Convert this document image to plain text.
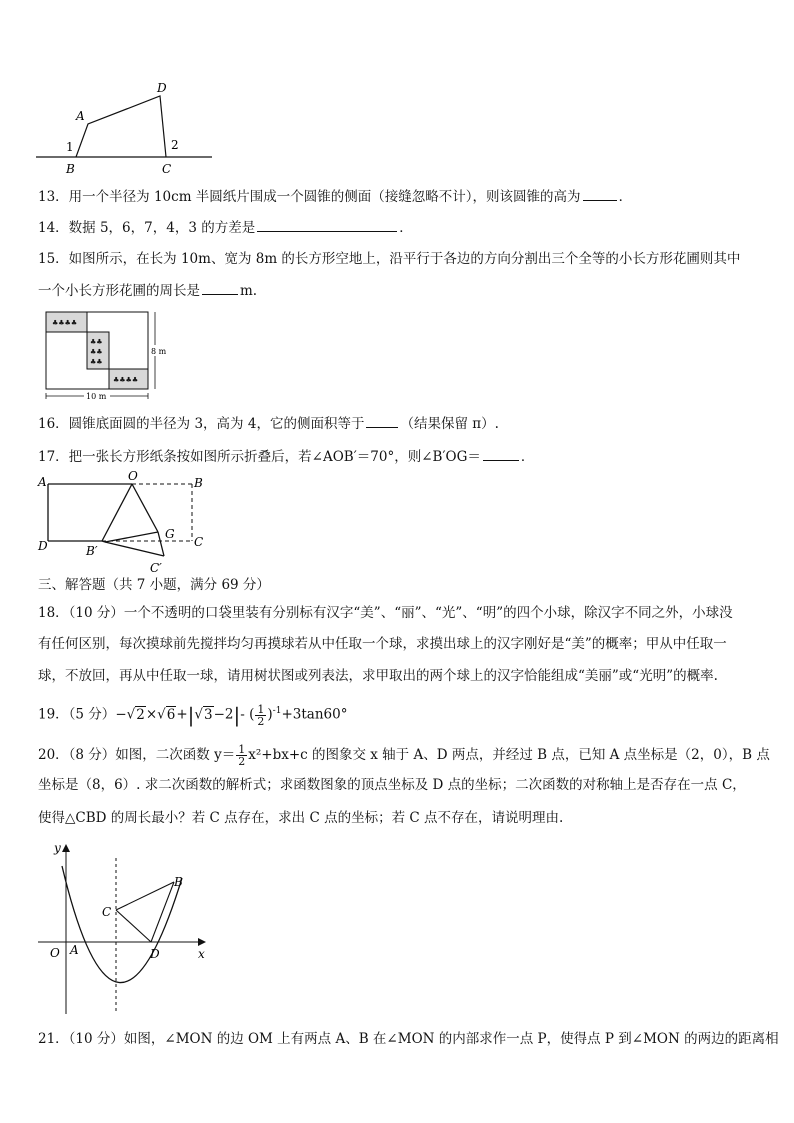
A
D
B	C
1	2
13．用一个半径为 10cm 半圆纸片围成一个圆锥的侧面（接缝忽略不计），则该圆锥的高为	．
14．数据 5，6，7，4，3 的方差是	．
15．如图所示，在长为 10m、宽为 8m 的长方形空地上，沿平行于各边的方向分割出三个全等的小长方形花圃则其中
一个小长方形花圃的周长是	m.
♣♣♣♣
♣♣
♣♣
♣♣
♣♣♣♣
10 m
8 m
16．圆锥底面圆的半径为 3，高为 4，它的侧面积等于	（结果保留 π）.
17．把一张长方形纸条按如图所示折叠后，若∠AOB′＝70°，则∠B′OG＝	．
A	O	B
D	B′
G
C
C′
三、解答题（共 7 小题，满分 69 分）
18．（10 分）一个不透明的口袋里装有分别标有汉字“美”、“丽”、“光”、“明”的四个小球，除汉字不同之外，小球没
有任何区别，每次摸球前先搅拌均匀再摸球若从中任取一个球，求摸出球上的汉字刚好是“美”的概率；甲从中任取一
球，不放回，再从中任取一球，请用树状图或列表法，求甲取出的两个球上的汉字恰能组成“美丽”或“光明”的概率.
19．（5 分）−√2×√6+|√3−2|- ( $\frac{1}{2} )^{-1}+3\tan 60^\circ$
20．（8 分）如图，二次函数 $y= \frac{1}{2} x^2+bx+c$ 的图象交 x 轴于 A、D 两点，并经过 B 点，已知 A 点坐标是（2，0），B 点
坐标是（8，6）. 求二次函数的解析式；求函数图象的顶点坐标及 D 点的坐标；二次函数的对称轴上是否存在一点 C，
使得△CBD 的周长最小？若 C 点存在，求出 C 点的坐标；若 C 点不存在，请说明理由.
y
x
O A
B
C
D
21．（10 分）如图，∠MON 的边 OM 上有两点 A、B 在∠MON 的内部求作一点 P，使得点 P 到∠MON 的两边的距离相
